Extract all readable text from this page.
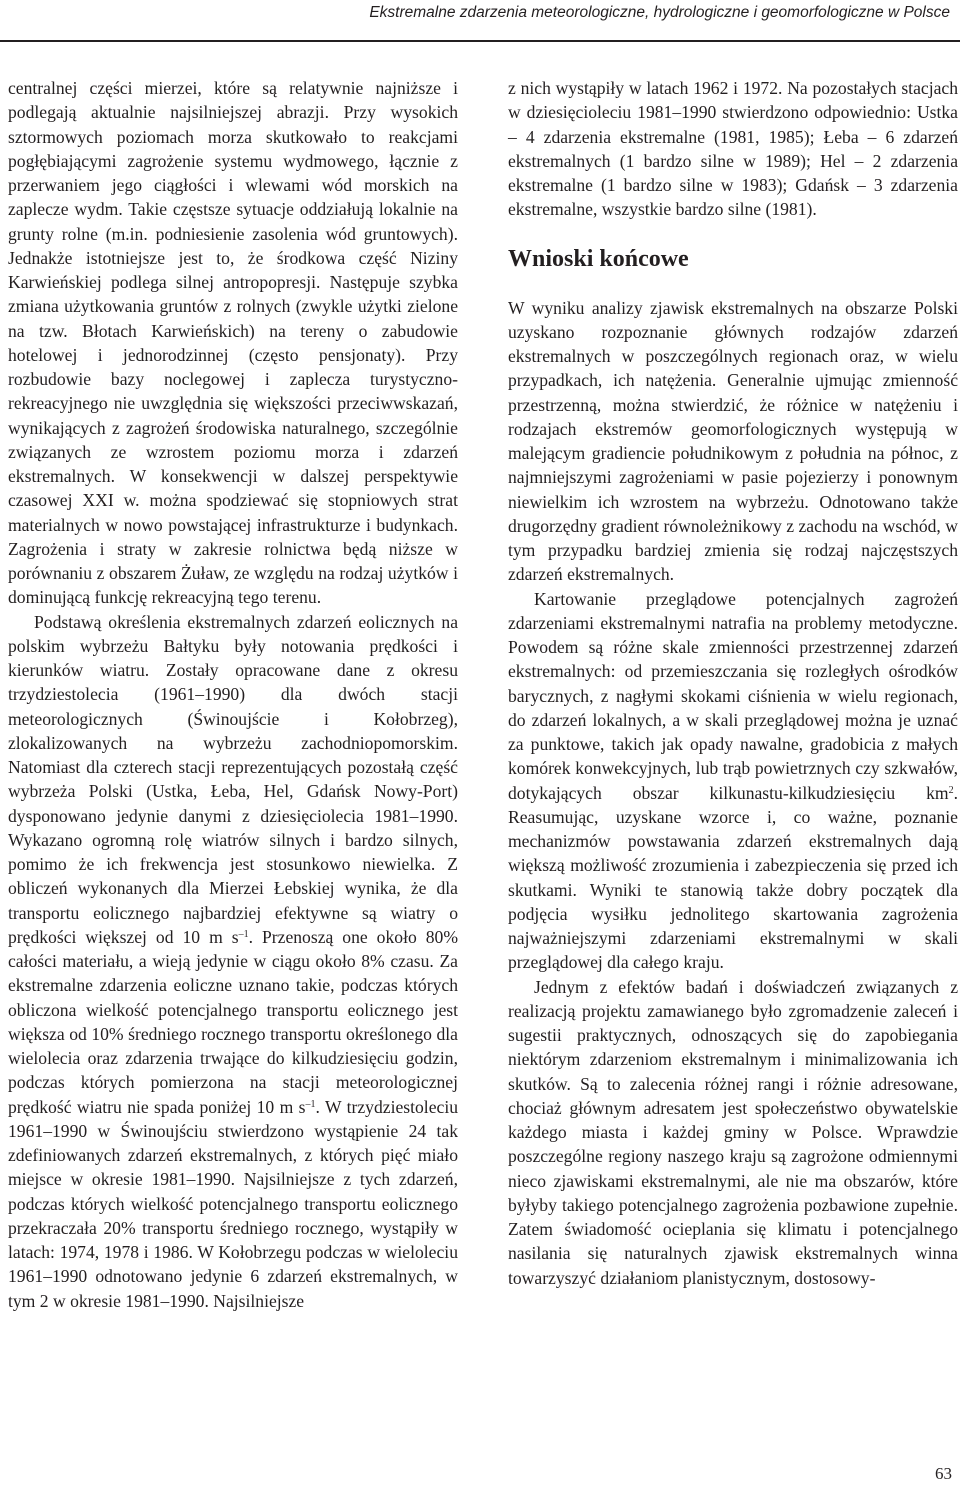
Ekstremalne zdarzenia meteorologiczne, hydrologiczne i geomorfologiczne w Polsce

centralnej części mierzei, które są relatywnie najniższe i podlegają aktualnie najsilniejszej abrazji. Przy wysokich sztormowych poziomach morza skutkowało to reakcjami pogłębiającymi zagrożenie systemu wydmowego, łącznie z przerwaniem jego ciągłości i wlewami wód morskich na zaplecze wydm. Takie częstsze sytuacje oddziałują lokalnie na grunty rolne (m.in. podniesienie zasolenia wód gruntowych). Jednakże istotniejsze jest to, że środkowa część Niziny Karwieńskiej podlega silnej antropopresji. Następuje szybka zmiana użytkowania gruntów z rolnych (zwykle użytki zielone na tzw. Błotach Karwieńskich) na tereny o zabudowie hotelowej i jednorodzinnej (często pensjonaty). Przy rozbudowie bazy noclegowej i zaplecza turystyczno-rekreacyjnego nie uwzględnia się większości przeciwwskazań, wynikających z zagrożeń środowiska naturalnego, szczególnie związanych ze wzrostem poziomu morza i zdarzeń ekstremalnych. W konsekwencji w dalszej perspektywie czasowej XXI w. można spodziewać się stopniowych strat materialnych w nowo powstającej infrastrukturze i budynkach. Zagrożenia i straty w zakresie rolnictwa będą niższe w porównaniu z obszarem Żuław, ze względu na rodzaj użytków i dominującą funkcję rekreacyjną tego terenu.

Podstawą określenia ekstremalnych zdarzeń eolicznych na polskim wybrzeżu Bałtyku były notowania prędkości i kierunków wiatru. Zostały opracowane dane z okresu trzydziestolecia (1961–1990) dla dwóch stacji meteorologicznych (Świnoujście i Kołobrzeg), zlokalizowanych na wybrzeżu zachodniopomorskim. Natomiast dla czterech stacji reprezentujących pozostałą część wybrzeża Polski (Ustka, Łeba, Hel, Gdańsk Nowy-Port) dysponowano jedynie danymi z dziesięciolecia 1981–1990. Wykazano ogromną rolę wiatrów silnych i bardzo silnych, pomimo że ich frekwencja jest stosunkowo niewielka. Z obliczeń wykonanych dla Mierzei Łebskiej wynika, że dla transportu eolicznego najbardziej efektywne są wiatry o prędkości większej od 10 m $s^{-1}$. Przenoszą one około 80% całości materiału, a wieją jedynie w ciągu około 8% czasu. Za ekstremalne zdarzenia eoliczne uznano takie, podczas których obliczona wielkość potencjalnego transportu eolicznego jest większa od 10% średniego rocznego transportu określonego dla wielolecia oraz zdarzenia trwające do kilkudziesięciu godzin, podczas których pomierzona na stacji meteorologicznej prędkość wiatru nie spada poniżej 10 m $s^{-1}$. W trzydziestoleciu 1961–1990 w Świnoujściu stwierdzono wystąpienie 24 tak zdefiniowanych zdarzeń ekstremalnych, z których pięć miało miejsce w okresie 1981–1990. Najsilniejsze z tych zdarzeń, podczas których wielkość potencjalnego transportu eolicznego przekraczała 20% transportu średniego rocznego, wystąpiły w latach: 1974, 1978 i 1986. W Kołobrzegu podczas w wieloleciu 1961–1990 odnotowano jedynie 6 zdarzeń ekstremalnych, w tym 2 w okresie 1981–1990. Najsilniejsze

z nich wystąpiły w latach 1962 i 1972. Na pozostałych stacjach w dziesięcioleciu 1981–1990 stwierdzono odpowiednio: Ustka – 4 zdarzenia ekstremalne (1981, 1985); Łeba – 6 zdarzeń ekstremalnych (1 bardzo silne w 1989); Hel – 2 zdarzenia ekstremalne (1 bardzo silne w 1983); Gdańsk – 3 zdarzenia ekstremalne, wszystkie bardzo silne (1981).

Wnioski końcowe

W wyniku analizy zjawisk ekstremalnych na obszarze Polski uzyskano rozpoznanie głównych rodzajów zdarzeń ekstremalnych w poszczególnych regionach oraz, w wielu przypadkach, ich natężenia. Generalnie ujmując zmienność przestrzenną, można stwierdzić, że różnice w natężeniu i rodzajach ekstremów geomorfologicznych występują w malejącym gradiencie południkowym z południa na północ, z najmniejszymi zagrożeniami w pasie pojezierzy i ponownym niewielkim ich wzrostem na wybrzeżu. Odnotowano także drugorzędny gradient równoleżnikowy z zachodu na wschód, w tym przypadku bardziej zmienia się rodzaj najczęstszych zdarzeń ekstremalnych.

Kartowanie przeglądowe potencjalnych zagrożeń zdarzeniami ekstremalnymi natrafia na problemy metodyczne. Powodem są różne skale zmienności przestrzennej zdarzeń ekstremalnych: od przemieszczania się rozległych ośrodków barycznych, z nagłymi skokami ciśnienia w wielu regionach, do zdarzeń lokalnych, a w skali przeglądowej można je uznać za punktowe, takich jak opady nawalne, gradobicia z małych komórek konwekcyjnych, lub trąb powietrznych czy szkwałów, dotykających obszar kilkunastu-kilkudziesięciu $km^2$. Reasumując, uzyskane wzorce i, co ważne, poznanie mechanizmów powstawania zdarzeń ekstremalnych dają większą możliwość zrozumienia i zabezpieczenia się przed ich skutkami. Wyniki te stanowią także dobry początek dla podjęcia wysiłku jednolitego skartowania zagrożenia najważniejszymi zdarzeniami ekstremalnymi w skali przeglądowej dla całego kraju.

Jednym z efektów badań i doświadczeń związanych z realizacją projektu zamawianego było zgromadzenie zaleceń i sugestii praktycznych, odnoszących się do zapobiegania niektórym zdarzeniom ekstremalnym i minimalizowania ich skutków. Są to zalecenia różnej rangi i różnie adresowane, chociaż głównym adresatem jest społeczeństwo obywatelskie każdego miasta i każdej gminy w Polsce. Wprawdzie poszczególne regiony naszego kraju są zagrożone odmiennymi nieco zjawiskami ekstremalnymi, ale nie ma obszarów, które byłyby takiego potencjalnego zagrożenia pozbawione zupełnie. Zatem świadomość ocieplania się klimatu i potencjalnego nasilania się naturalnych zjawisk ekstremalnych winna towarzyszyć działaniom planistycznym, dostosowy-

63
